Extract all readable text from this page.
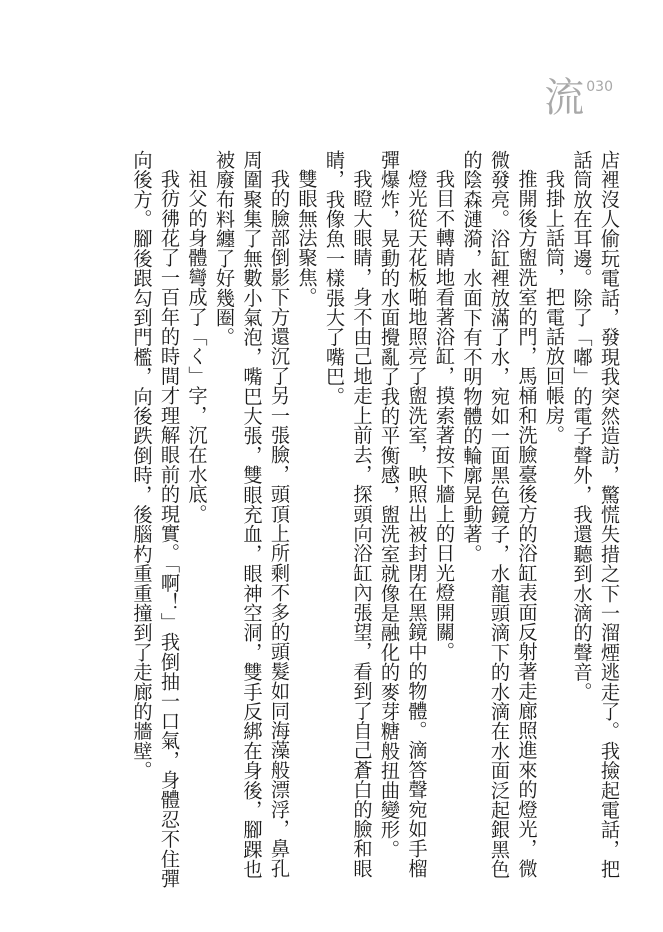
流 030

店裡沒人偷玩電話，發現我突然造訪，驚慌失措之下一溜煙逃走了。我撿起電話，把話筒放在耳邊。除了「嘟」的電子聲外，我還聽到水滴的聲音。

我掛上話筒，把電話放回帳房。

推開後方盥洗室的門，馬桶和洗臉臺後方的浴缸表面反射著走廊照進來的燈光，微微發亮。浴缸裡放滿了水，宛如一面黑色鏡子，水龍頭滴下的水滴在水面泛起銀黑色的陰森漣漪，水面下有不明物體的輪廓晃動著。

我目不轉睛地看著浴缸，摸索著按下牆上的日光燈開關。

燈光從天花板啪地照亮了盥洗室，映照出被封閉在黑鏡中的物體。滴答聲宛如手榴彈爆炸，晃動的水面攪亂了我的平衡感，盥洗室就像是融化的麥芽糖般扭曲變形。

我瞪大眼睛，身不由己地走上前去，探頭向浴缸內張望，看到了自己蒼白的臉和眼睛，我像魚一樣張大了嘴巴。

雙眼無法聚焦。

我的臉部倒影下方還沉了另一張臉，頭頂上所剩不多的頭髮如同海藻般漂浮，鼻孔周圍聚集了無數小氣泡，嘴巴大張，雙眼充血，眼神空洞，雙手反綁在身後，腳踝也被廢布料纏了好幾圈。

祖父的身體彎成了「く」字，沉在水底。

我彷彿花了一百年的時間才理解眼前的現實。「啊！」我倒抽一口氣，身體忍不住彈向後方。腳後跟勾到門檻，向後跌倒時，後腦杓重重撞到了走廊的牆壁。
